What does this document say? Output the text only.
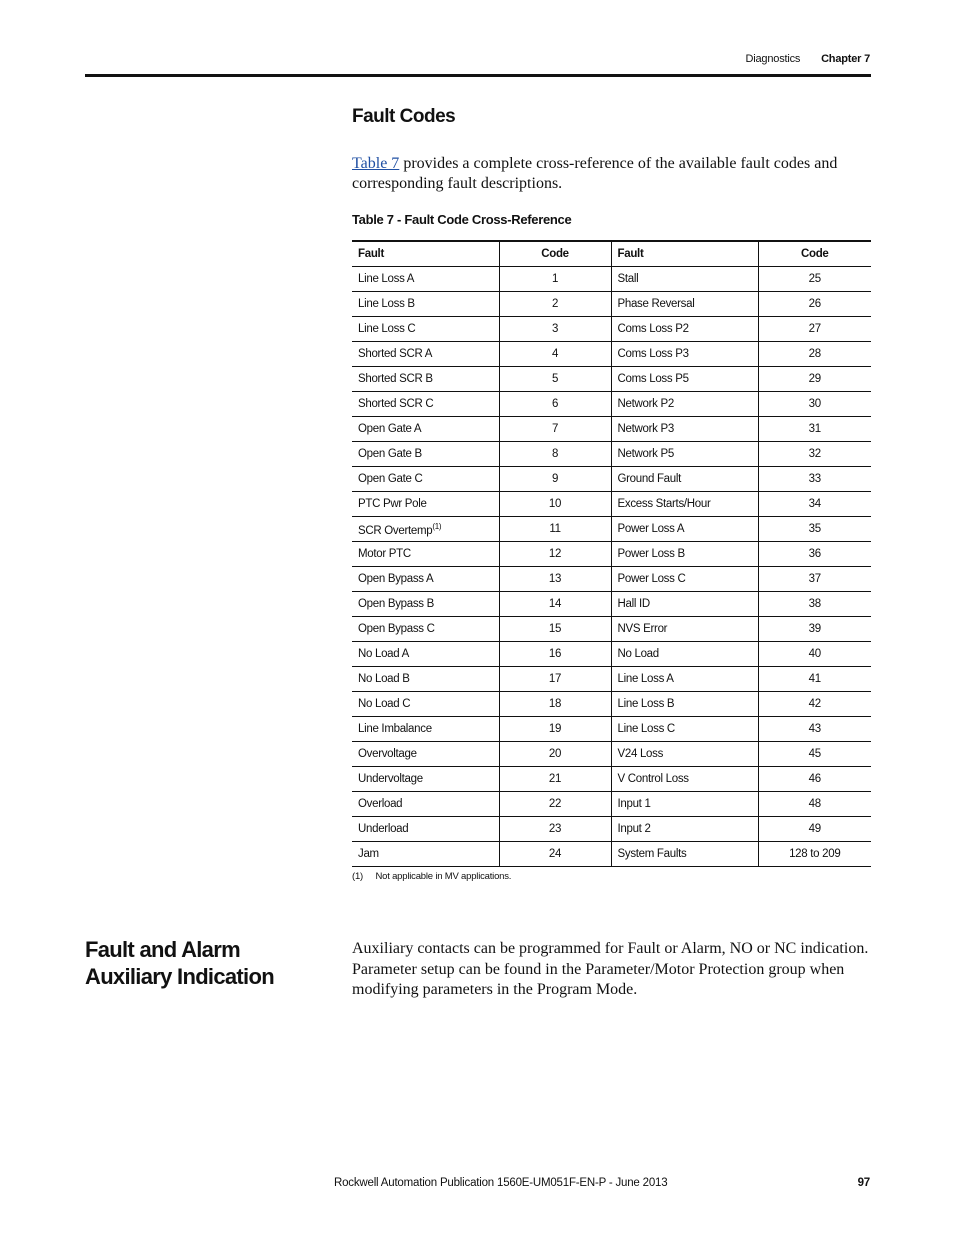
Diagnostics Chapter 7
Fault Codes

Table 7 provides a complete cross-reference of the available fault codes and corresponding fault descriptions.

Table 7 - Fault Code Cross-Reference
Fault	Code	Fault	Code
Line Loss A	1	Stall	25
Line Loss B	2	Phase Reversal	26
Line Loss C	3	Coms Loss P2	27
Shorted SCR A	4	Coms Loss P3	28
Shorted SCR B	5	Coms Loss P5	29
Shorted SCR C	6	Network P2	30
Open Gate A	7	Network P3	31
Open Gate B	8	Network P5	32
Open Gate C	9	Ground Fault	33
PTC Pwr Pole	10	Excess Starts/Hour	34
SCR Overtemp$^{(1)}$	11	Power Loss A	35
Motor PTC	12	Power Loss B	36
Open Bypass A	13	Power Loss C	37
Open Bypass B	14	Hall ID	38
Open Bypass C	15	NVS Error	39
No Load A	16	No Load	40
No Load B	17	Line Loss A	41
No Load C	18	Line Loss B	42
Line Imbalance	19	Line Loss C	43
Overvoltage	20	V24 Loss	45
Undervoltage	21	V Control Loss	46
Overload	22	Input 1	48
Underload	23	Input 2	49
Jam	24	System Faults	128 to 209
(1) Not applicable in MV applications.
Fault and Alarm Auxiliary Indication

Auxiliary contacts can be programmed for Fault or Alarm, NO or NC indication. Parameter setup can be found in the Parameter/Motor Protection group when modifying parameters in the Program Mode.

Rockwell Automation Publication 1560E-UM051F-EN-P - June 2013	97
